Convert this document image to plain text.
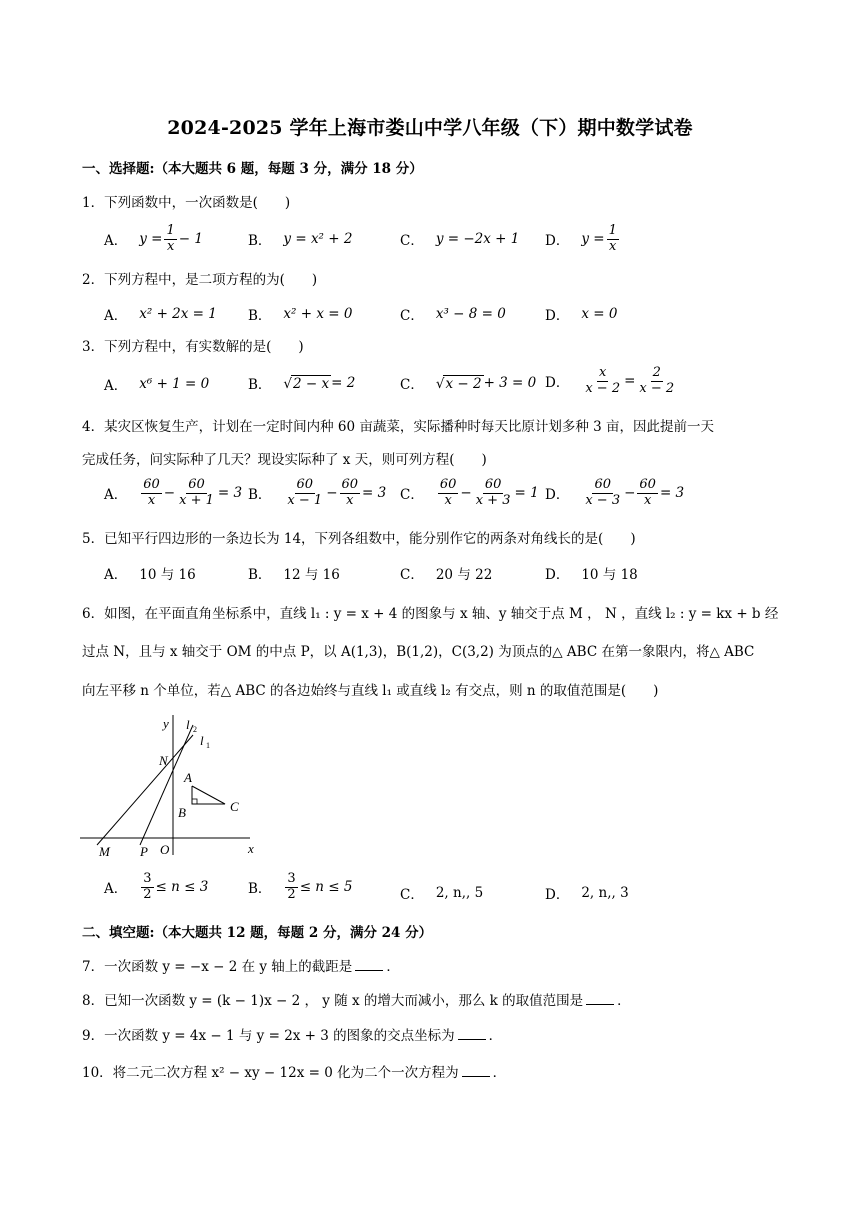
2024-2025 学年上海市娄山中学八年级（下）期中数学试卷
一、选择题:（本大题共 6 题，每题 3 分，满分 18 分）
1．下列函数中，一次函数是(　　)
A． $y = \frac{1}{x} - 1$	B． y = x² + 2	C． y = −2x + 1 D． $y = \frac{1}{x}$
2．下列方程中，是二项方程的为(　　)
A． x² + 2x = 1 B． x² + x = 0	C． x³ − 8 = 0	D． x = 0
3．下列方程中，有实数解的是(　　)
A． x⁶ + 1 = 0	B． √ 2 − x = 2	C． √ x − 2 + 3 = 0 D． $\frac{x}{x - 2} = \frac{2}{x - 2}$
4．某灾区恢复生产，计划在一定时间内种 60 亩蔬菜，实际播种时每天比原计划多种 3 亩，因此提前一天
完成任务，问实际种了几天？现设实际种了 x 天，则可列方程(　　)
A． $\frac{60}{x} - \frac{60}{x + 1} = 3$ B． $\frac{60}{x - 1} - \frac{60}{x} = 3$ C． $\frac{60}{x} - \frac{60}{x + 3} = 1$ D． $\frac{60}{x - 3} - \frac{60}{x} = 3$
5．已知平行四边形的一条边长为 14，下列各组数中，能分别作它的两条对角线长的是(　　)
A． 10 与 16	B． 12 与 16	C． 20 与 22	D． 10 与 18
6．如图，在平面直角坐标系中，直线 l₁ : y = x + 4 的图象与 x 轴、y 轴交于点 M ， N ，直线 l₂ : y = kx + b 经
过点 N，且与 x 轴交于 OM 的中点 P，以 A(1,3)，B(1,2)，C(3,2) 为顶点的△ ABC 在第一象限内，将△ ABC
向左平移 n 个单位，若△ ABC 的各边始终与直线 l₁ 或直线 l₂ 有交点，则 n 的取值范围是(　　)
y
x
N
M P O
A
B	C
l 2
l 1
A． $\frac{3}{2} \le n \le 3$	B． $\frac{3}{2} \le n \le 5$	C． 2, n,, 5	D． 2, n,, 3
二、填空题:（本大题共 12 题，每题 2 分，满分 24 分）
7．一次函数 y = −x − 2 在 y 轴上的截距是	．
8．已知一次函数 y = (k − 1)x − 2 ， y 随 x 的增大而减小，那么 k 的取值范围是	．
9．一次函数 y = 4x − 1 与 y = 2x + 3 的图象的交点坐标为	．
10．将二元二次方程 x² − xy − 12x = 0 化为二个一次方程为	．
